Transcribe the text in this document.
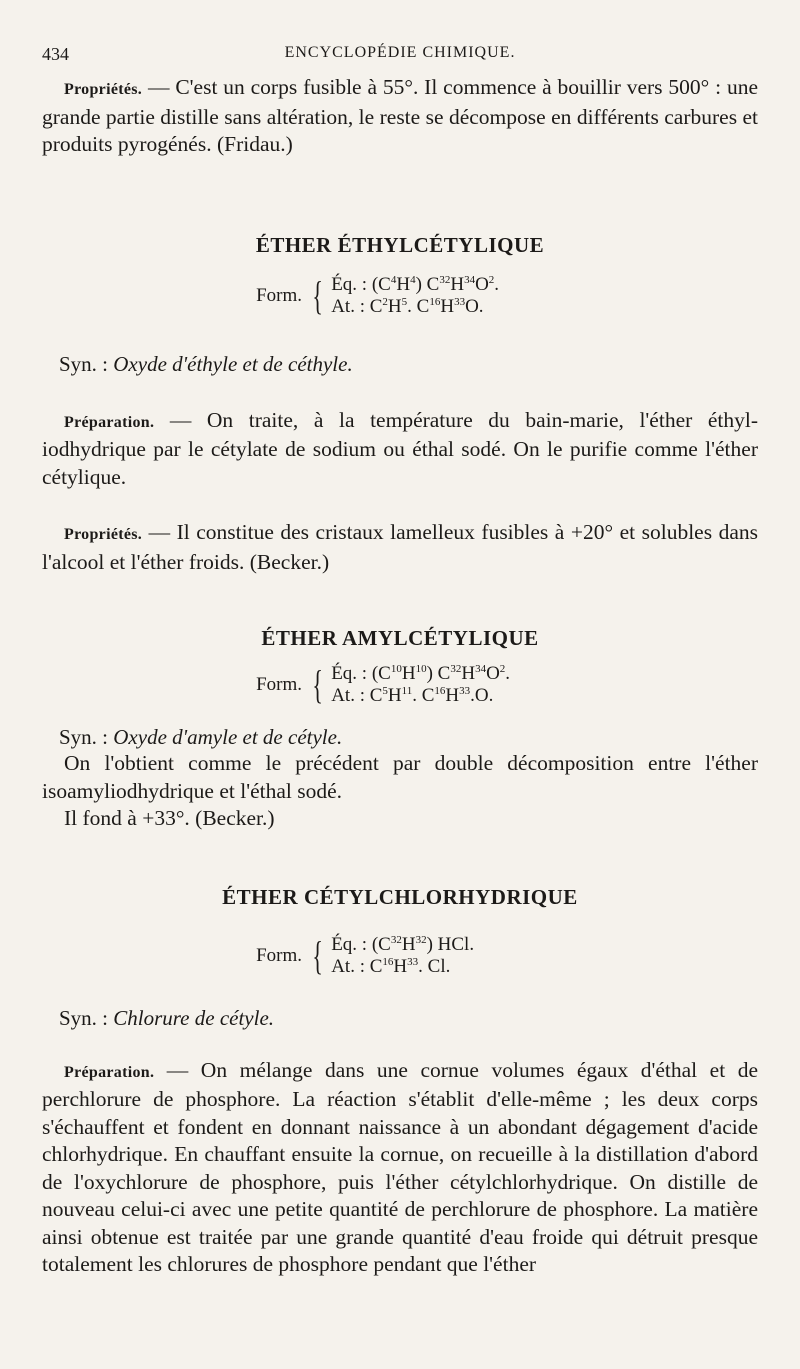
434	ENCYCLOPÉDIE CHIMIQUE.

Propriétés. — C'est un corps fusible à 55°. Il commence à bouillir vers 500° : une grande partie distille sans altération, le reste se décompose en différents carbures et produits pyrogénés. (Fridau.)

ÉTHER ÉTHYLCÉTYLIQUE
Form. { Éq. : $(C^4H^4)$ $C^{32}H^{34}O^2$.
At. : $C^2H^5$. $C^{16}H^{33}O$.

Syn. : Oxyde d'éthyle et de céthyle.

Préparation. — On traite, à la température du bain-marie, l'éther éthyl-iodhydrique par le cétylate de sodium ou éthal sodé. On le purifie comme l'éther cétylique.

Propriétés. — Il constitue des cristaux lamelleux fusibles à +20° et solubles dans l'alcool et l'éther froids. (Becker.)

ÉTHER AMYLCÉTYLIQUE
Form. { Éq. : $(C^{10}H^{10})$ $C^{32}H^{34}O^2$.
At. : $C^5H^{11}$. $C^{16}H^{33}.O$.

Syn. : Oxyde d'amyle et de cétyle.

On l'obtient comme le précédent par double décomposition entre l'éther isoamyliodhydrique et l'éthal sodé.

Il fond à +33°. (Becker.)

ÉTHER CÉTYLCHLORHYDRIQUE
Form. { Éq. : $(C^{32}H^{32})$ HCl.
At. : $C^{16}H^{33}$. Cl.

Syn. : Chlorure de cétyle.

Préparation. — On mélange dans une cornue volumes égaux d'éthal et de perchlorure de phosphore. La réaction s'établit d'elle-même ; les deux corps s'échauffent et fondent en donnant naissance à un abondant dégagement d'acide chlorhydrique. En chauffant ensuite la cornue, on recueille à la distillation d'abord de l'oxychlorure de phosphore, puis l'éther cétylchlorhydrique. On distille de nouveau celui-ci avec une petite quantité de perchlorure de phosphore. La matière ainsi obtenue est traitée par une grande quantité d'eau froide qui détruit presque totalement les chlorures de phosphore pendant que l'éther
